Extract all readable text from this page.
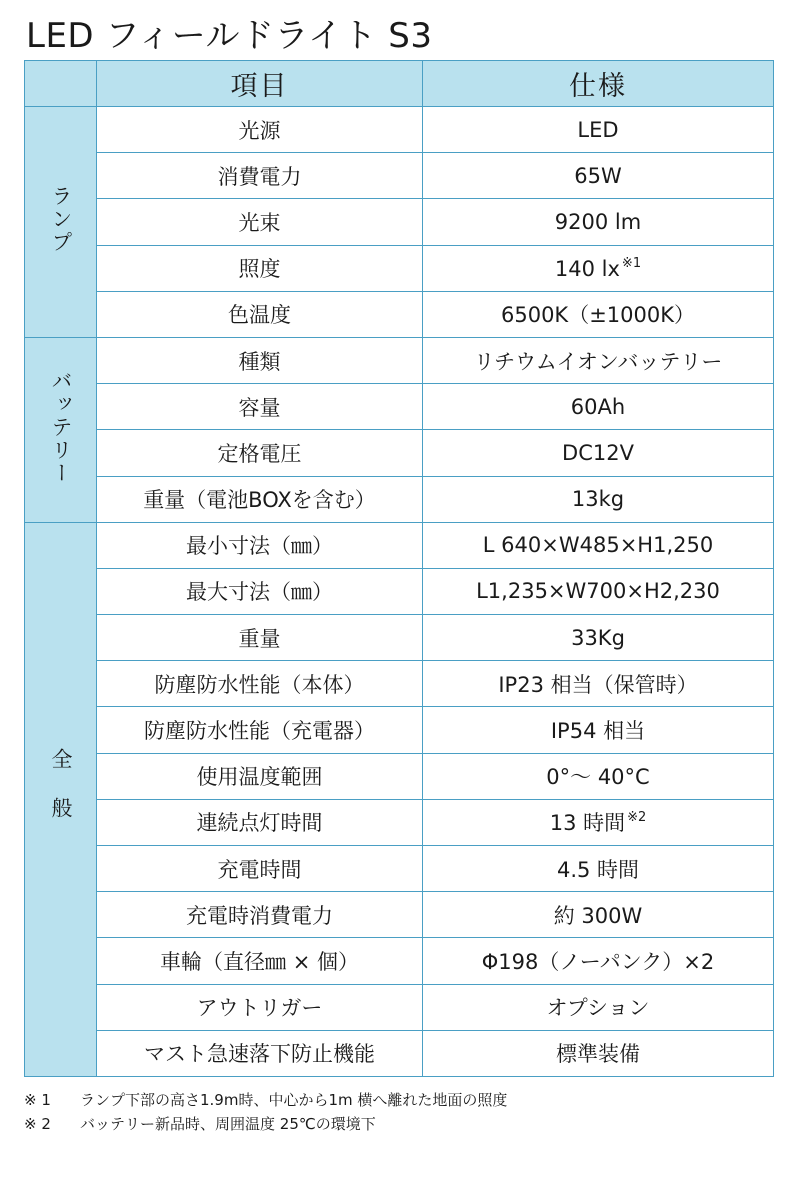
LED フィールドライト S3
	項目	仕様
ランプ	光源	LED
	消費電力	65W
	光束	9200 lm
	照度	140 lx $^{※1}$
	色温度	6500K（±1000K）
バッテリー	種類	リチウムイオンバッテリー
	容量	60Ah
	定格電圧	DC12V
	重量（電池BOXを含む）	13kg
全般	最小寸法（㎜）	L 640×W485×H1,250
	最大寸法（㎜）	L1,235×W700×H2,230
	重量	33Kg
	防塵防水性能（本体）	IP23 相当（保管時）
	防塵防水性能（充電器）	IP54 相当
	使用温度範囲	0°～ 40°C
	連続点灯時間	13 時間 $^{※2}$
	充電時間	4.5 時間
	充電時消費電力	約 300W
	車輪（直径㎜ × 個）	Φ198（ノーパンク）×2
	アウトリガー	オプション
	マスト急速落下防止機能	標準装備
※ 1 ランプ下部の高さ1.9m時、中心から1m 横へ離れた地面の照度
※ 2 バッテリー新品時、周囲温度 25℃の環境下
